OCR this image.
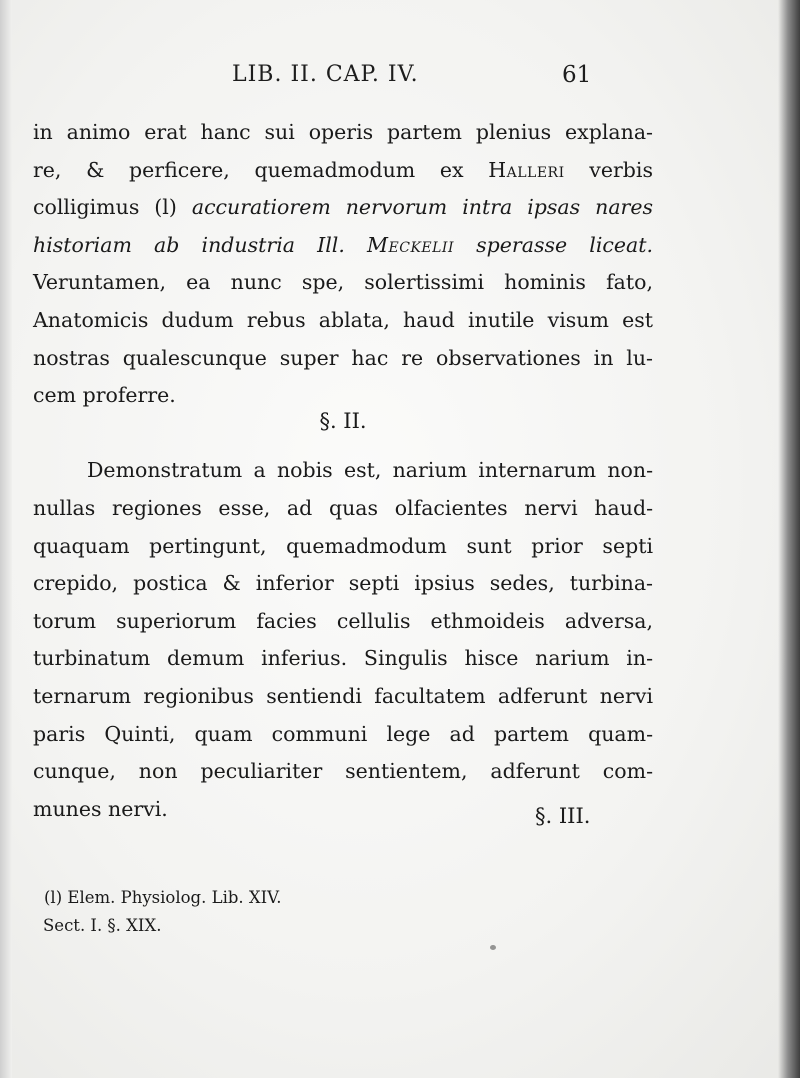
LIB. II. CAP. IV.	61
in animo erat hanc sui operis partem plenius explana-
re, & perficere, quemadmodum ex Halleri verbis
colligimus (l) accuratiorem nervorum intra ipsas nares
historiam ab industria Ill. Meckelii sperasse liceat.
Veruntamen, ea nunc spe, solertissimi hominis fato,
Anatomicis dudum rebus ablata, haud inutile visum est
nostras qualescunque super hac re observationes in lu-
cem proferre.
§. II.
Demonstratum a nobis est, narium internarum non-
nullas regiones esse, ad quas olfacientes nervi haud-
quaquam pertingunt, quemadmodum sunt prior septi
crepido, postica & inferior septi ipsius sedes, turbina-
torum superiorum facies cellulis ethmoideis adversa,
turbinatum demum inferius. Singulis hisce narium in-
ternarum regionibus sentiendi facultatem adferunt nervi
paris Quinti, quam communi lege ad partem quam-
cunque, non peculiariter sentientem, adferunt com-
munes nervi.	§. III.
(l) Elem. Physiolog. Lib. XIV.
Sect. I. §. XIX.
